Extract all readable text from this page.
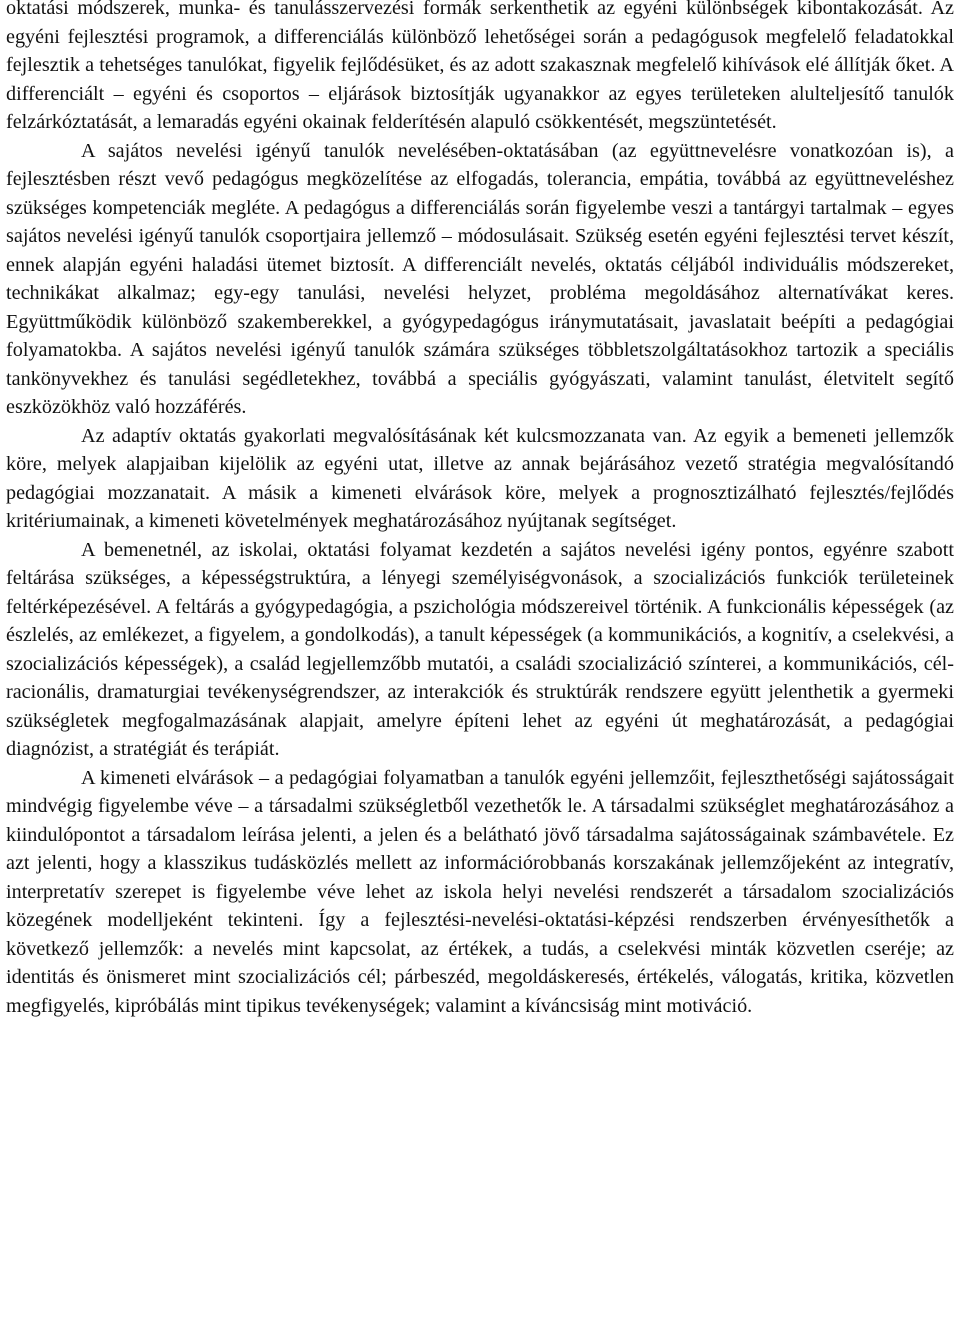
oktatási módszerek, munka- és tanulásszervezési formák serkenthetik az egyéni különbségek kibontakozását. Az egyéni fejlesztési programok, a differenciálás különböző lehetőségei során a pedagógusok megfelelő feladatokkal fejlesztik a tehetséges tanulókat, figyelik fejlődésüket, és az adott szakasznak megfelelő kihívások elé állítják őket. A differenciált – egyéni és csoportos – eljárások biztosítják ugyanakkor az egyes területeken alulteljesítő tanulók felzárkóztatását, a lemaradás egyéni okainak felderítésén alapuló csökkentését, megszüntetését.

A sajátos nevelési igényű tanulók nevelésében-oktatásában (az együttnevelésre vonatkozóan is), a fejlesztésben részt vevő pedagógus megközelítése az elfogadás, tolerancia, empátia, továbbá az együttneveléshez szükséges kompetenciák megléte. A pedagógus a differenciálás során figyelembe veszi a tantárgyi tartalmak – egyes sajátos nevelési igényű tanulók csoportjaira jellemző – módosulásait. Szükség esetén egyéni fejlesztési tervet készít, ennek alapján egyéni haladási ütemet biztosít. A differenciált nevelés, oktatás céljából individuális módszereket, technikákat alkalmaz; egy-egy tanulási, nevelési helyzet, probléma megoldásához alternatívákat keres. Együttműködik különböző szakemberekkel, a gyógypedagógus iránymutatásait, javaslatait beépíti a pedagógiai folyamatokba. A sajátos nevelési igényű tanulók számára szükséges többletszolgáltatásokhoz tartozik a speciális tankönyvekhez és tanulási segédletekhez, továbbá a speciális gyógyászati, valamint tanulást, életvitelt segítő eszközökhöz való hozzáférés.

Az adaptív oktatás gyakorlati megvalósításának két kulcsmozzanata van. Az egyik a bemeneti jellemzők köre, melyek alapjaiban kijelölik az egyéni utat, illetve az annak bejárásához vezető stratégia megvalósítandó pedagógiai mozzanatait. A másik a kimeneti elvárások köre, melyek a prognosztizálható fejlesztés/fejlődés kritériumainak, a kimeneti követelmények meghatározásához nyújtanak segítséget.

A bemenetnél, az iskolai, oktatási folyamat kezdetén a sajátos nevelési igény pontos, egyénre szabott feltárása szükséges, a képességstruktúra, a lényegi személyiségvonások, a szocializációs funkciók területeinek feltérképezésével. A feltárás a gyógypedagógia, a pszichológia módszereivel történik. A funkcionális képességek (az észlelés, az emlékezet, a figyelem, a gondolkodás), a tanult képességek (a kommunikációs, a kognitív, a cselekvési, a szocializációs képességek), a család legjellemzőbb mutatói, a családi szocializáció színterei, a kommunikációs, cél-racionális, dramaturgiai tevékenységrendszer, az interakciók és struktúrák rendszere együtt jelenthetik a gyermeki szükségletek megfogalmazásának alapjait, amelyre építeni lehet az egyéni út meghatározását, a pedagógiai diagnózist, a stratégiát és terápiát.

A kimeneti elvárások – a pedagógiai folyamatban a tanulók egyéni jellemzőit, fejleszthetőségi sajátosságait mindvégig figyelembe véve – a társadalmi szükségletből vezethetők le. A társadalmi szükséglet meghatározásához a kiindulópontot a társadalom leírása jelenti, a jelen és a belátható jövő társadalma sajátosságainak számbavétele. Ez azt jelenti, hogy a klasszikus tudásközlés mellett az információrobbanás korszakának jellemzőjeként az integratív, interpretatív szerepet is figyelembe véve lehet az iskola helyi nevelési rendszerét a társadalom szocializációs közegének modelljeként tekinteni. Így a fejlesztési-nevelési-oktatási-képzési rendszerben érvényesíthetők a következő jellemzők: a nevelés mint kapcsolat, az értékek, a tudás, a cselekvési minták közvetlen cseréje; az identitás és önismeret mint szocializációs cél; párbeszéd, megoldáskeresés, értékelés, válogatás, kritika, közvetlen megfigyelés, kipróbálás mint tipikus tevékenységek; valamint a kíváncsiság mint motiváció.
